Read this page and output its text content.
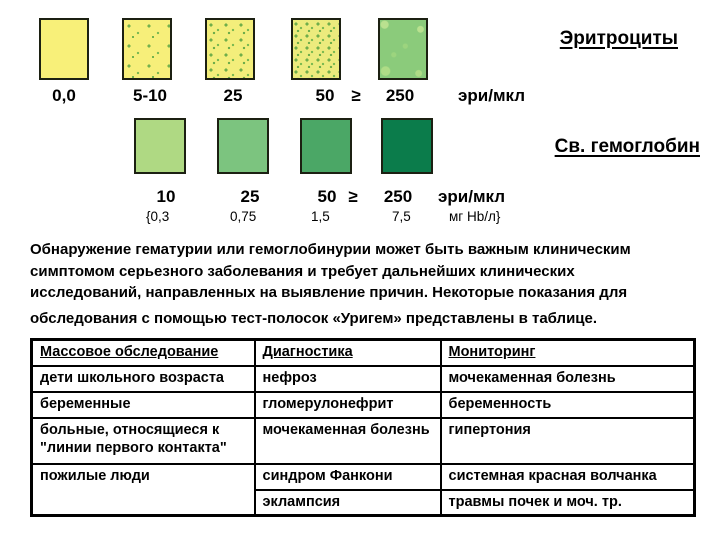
Эритроциты
0,0	5-10	25	50 ≥	250	эри/мкл
Св. гемоглобин
10	25	50 ≥	250	эри/мкл
{0,3	0,75	1,5	7,5	мг Hb/л}
Обнаружение гематурии или гемоглобинурии может быть важным клиническим
симптомом серьезного заболевания и требует дальнейших клинических
исследований, направленных на выявление причин. Некоторые показания для
обследования с помощью тест-полосок «Уригем» представлены в таблице.
Массовое обследование	Диагностика	Мониторинг
дети школьного возраста	нефроз	мочекаменная болезнь
беременные	гломерулонефрит	беременность
больные, относящиеся к "линии первого контакта"	мочекаменная болезнь	гипертония
пожилые люди	синдром Фанкони	системная красная волчанка
	эклампсия	травмы почек и моч. тр.
